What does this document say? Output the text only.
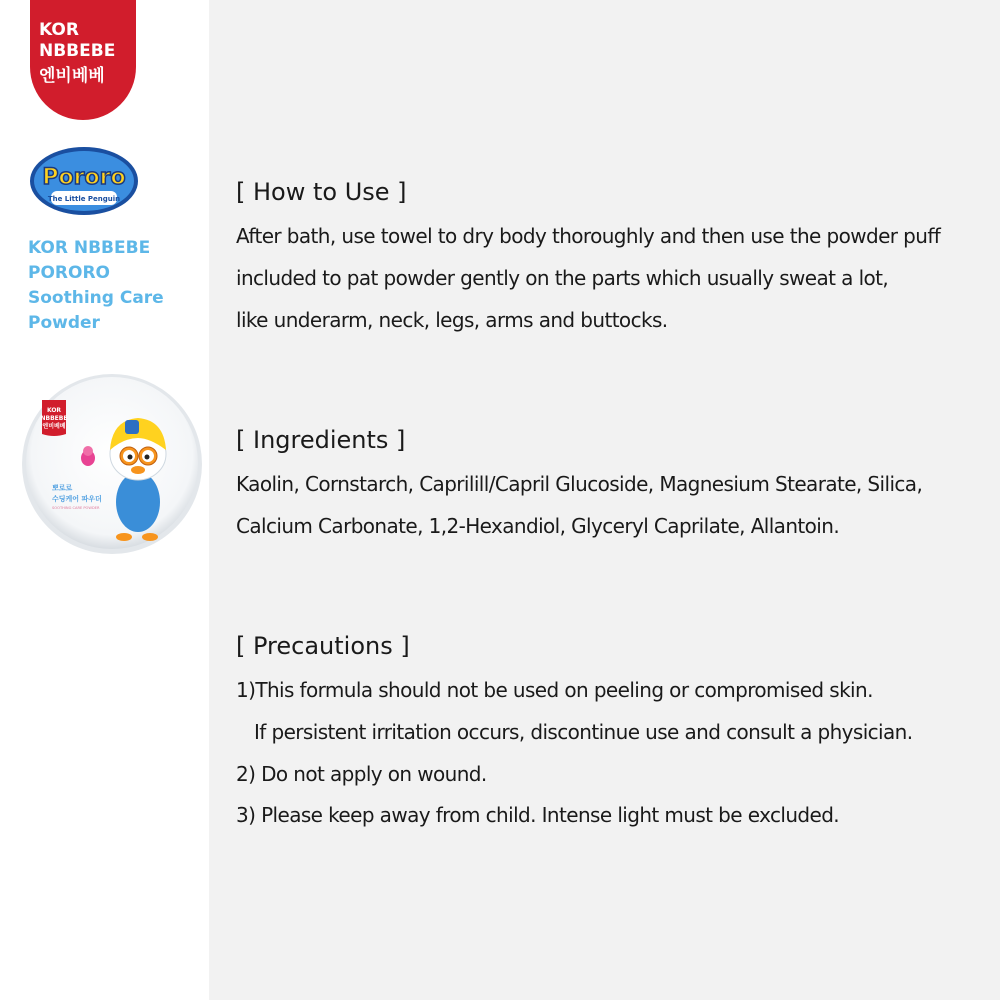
KOR
NBBEBE
엔비베베
Pororo
The Little Penguin
KOR NBBEBE
PORORO
Soothing Care
Powder
KOR
NBBEBE
엔비베베
뽀로로
수딩케어 파우더
SOOTHING CARE POWDER
[ How to Use ]
After bath, use towel to dry body thoroughly and then use the powder puff
included to pat powder gently on the parts which usually sweat a lot,
like underarm, neck, legs, arms and buttocks.
[ Ingredients ]
Kaolin, Cornstarch, Caprilill/Capril Glucoside, Magnesium Stearate, Silica,
Calcium Carbonate, 1,2-Hexandiol, Glyceryl Caprilate, Allantoin.
[ Precautions ]
1)This formula should not be used on peeling or compromised skin.
If persistent irritation occurs, discontinue use and consult a physician.
2) Do not apply on wound.
3) Please keep away from child. Intense light must be excluded.
